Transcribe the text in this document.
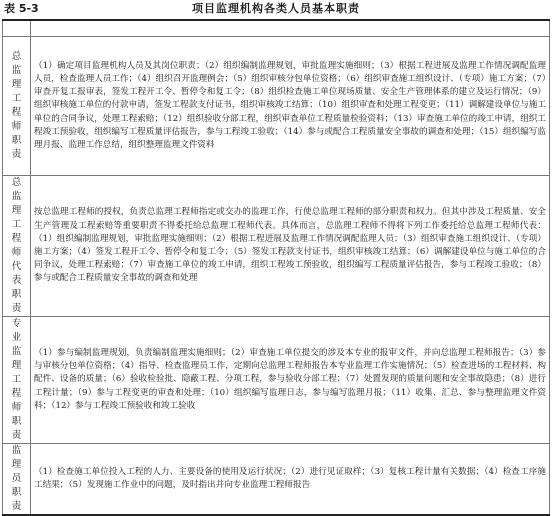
表 5-3	项目监理机构各类人员基本职责

总监理工程师职责	（1）确定项目监理机构人员及其岗位职责；（2）组织编制监理规划，审批监理实施细则；（3）根据工程进展及监理工作情况调配监理人员，检查监理人员工作；（4）组织召开监理例会；（5）组织审核分包单位资格；（6）组织审查施工组织设计、（专项）施工方案；（7）审查开复工报审表，签发工程开工令、暂停令和复工令；（8）组织检查施工单位现场质量、安全生产管理体系的建立及运行情况；（9）组织审核施工单位的付款申请，签发工程款支付证书，组织审核竣工结算；（10）组织审查和处理工程变更；（11）调解建设单位与施工单位的合同争议，处理工程索赔；（12）组织验收分部工程，组织审查单位工程质量检验资料；（13）审查施工单位的竣工申请，组织工程竣工预验收，组织编写工程质量评估报告，参与工程竣工验收；（14）参与或配合工程质量安全事故的调查和处理；（15）组织编写监理月报、监理工作总结，组织整理监理文件资料

总监理工程师代表职责	按总监理工程师的授权，负责总监理工程师指定或交办的监理工作，行使总监理工程师的部分职责和权力。但其中涉及工程质量、安全生产管理及工程索赔等重要职责不得委托给总监理工程师代表。具体而言，总监理工程师不得将下列工作委托给总监理工程师代表：（1）组织编制监理规划，审批监理实施细则；（2）根据工程进展及监理工作情况调配监理人员；（3）组织审查施工组织设计、（专项）施工方案；（4）签发工程开工令、暂停令和复工令；（5）签发工程款支付证书，组织审核竣工结算；（6）调解建设单位与施工单位的合同争议，处理工程索赔；（7）审查施工单位的竣工申请，组织工程竣工预验收，组织编写工程质量评估报告，参与工程竣工验收；（8）参与或配合工程质量安全事故的调查和处理

专业监理工程师职责	（1）参与编制监理规划，负责编制监理实施细则；（2）审查施工单位提交的涉及本专业的报审文件，并向总监理工程师报告；（3）参与审核分包单位资格；（4）指导、检查监理员工作，定期向总监理工程师报告本专业监理工作实施情况；（5）检查进场的工程材料、构配件、设备的质量；（6）验收检验批、隐蔽工程、分项工程，参与验收分部工程；（7）处置发现的质量问题和安全事故隐患；（8）进行工程计量；（9）参与工程变更的审查和处理；（10）组织编写监理日志，参与编写监理月报；（11）收集、汇总、参与整理监理文件资料；（12）参与工程竣工预验收和竣工验收

监理员职责	（1）检查施工单位投入工程的人力、主要设备的使用及运行状况；（2）进行见证取样；（3）复核工程计量有关数据；（4）检查工序施工结果；（5）发现施工作业中的问题，及时指出并向专业监理工程师报告
